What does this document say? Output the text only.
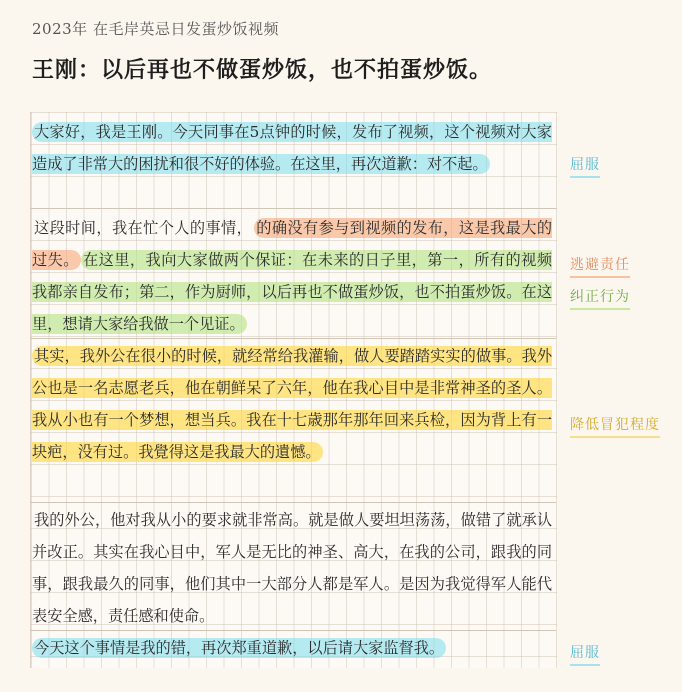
2023年 在毛岸英忌日发蛋炒饭视频
王刚：以后再也不做蛋炒饭，也不拍蛋炒饭。
大家好，我是王刚。今天同事在5点钟的时候，发布了视频，这个视频对大家造成了非常大的困扰和很不好的体验。在这里，再次道歉：对不起。
这段时间，我在忙个人的事情， 的确没有参与到视频的发布，这是我最大的过失。 在这里，我向大家做两个保证：在未来的日子里，第一，所有的视频我都亲自发布；第二，作为厨师，以后再也不做蛋炒饭，也不拍蛋炒饭。在这里，想请大家给我做一个见证。
其实，我外公在很小的时候，就经常给我灌输，做人要踏踏实实的做事。我外公也是一名志愿老兵，他在朝鲜呆了六年，他在我心目中是非常神圣的圣人。我从小也有一个梦想，想当兵。我在十七歳那年那年回来兵检，因为背上有一块疤，没有过。我覺得这是我最大的遺憾。
我的外公，他对我从小的要求就非常高。就是做人要坦坦荡荡，做错了就承认并改正。其实在我心目中，军人是无比的神圣、高大，在我的公司，跟我的同事，跟我最久的同事，他们其中一大部分人都是军人。是因为我觉得军人能代表安全感，责任感和使命。
今天这个事情是我的错，再次郑重道歉，以后请大家监督我。
屈服
逃避责任
纠正行为
降低冒犯程度
屈服
